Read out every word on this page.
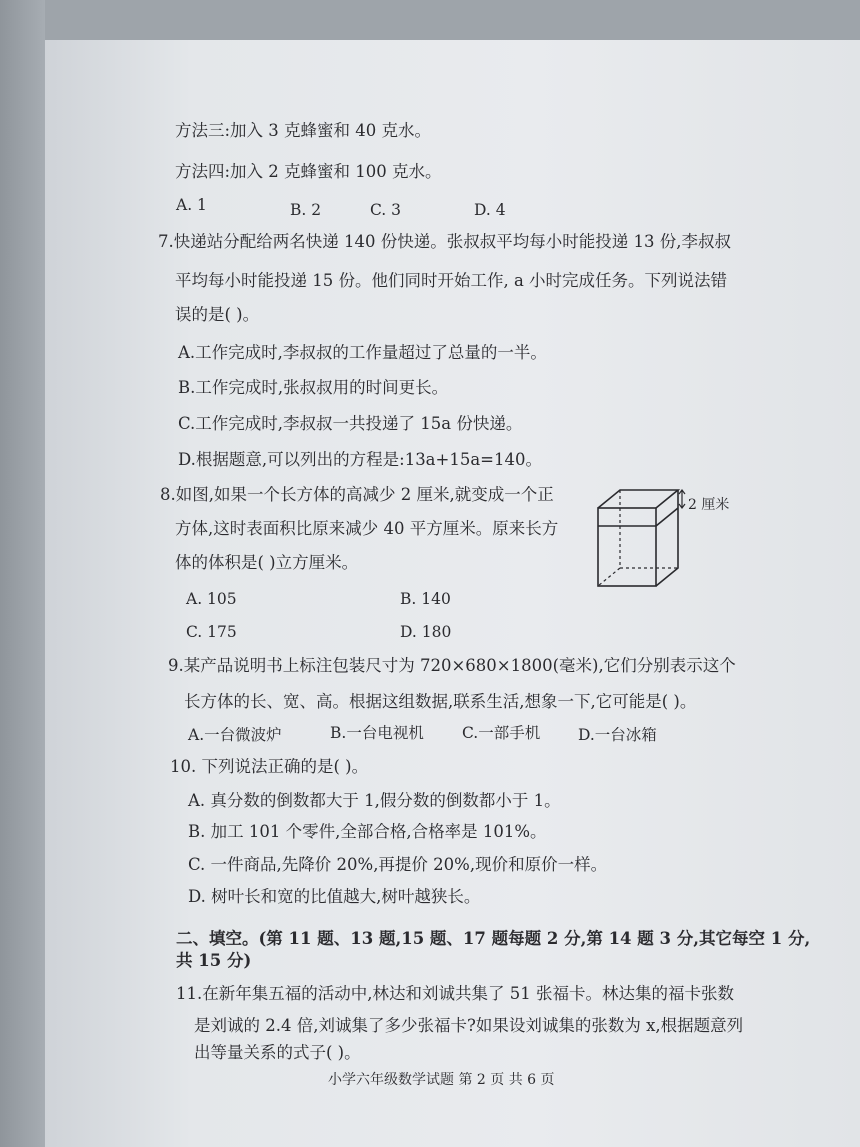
方法三:加入 3 克蜂蜜和 40 克水。
方法四:加入 2 克蜂蜜和 100 克水。
A. 1	B. 2	C. 3	D. 4
7.快递站分配给两名快递 140 份快递。张叔叔平均每小时能投递 13 份,李叔叔
平均每小时能投递 15 份。他们同时开始工作, a 小时完成任务。下列说法错
误的是( )。
A.工作完成时,李叔叔的工作量超过了总量的一半。
B.工作完成时,张叔叔用的时间更长。
C.工作完成时,李叔叔一共投递了 15a 份快递。
D.根据题意,可以列出的方程是:13a+15a=140。
8.如图,如果一个长方体的高减少 2 厘米,就变成一个正
方体,这时表面积比原来减少 40 平方厘米。原来长方
体的体积是( )立方厘米。
A. 105	B. 140
C. 175	D. 180
2 厘米
9.某产品说明书上标注包装尺寸为 720×680×1800(毫米),它们分别表示这个
长方体的长、宽、高。根据这组数据,联系生活,想象一下,它可能是( )。
A.一台微波炉	B.一台电视机 C.一部手机 D.一台冰箱
10. 下列说法正确的是( )。
A. 真分数的倒数都大于 1,假分数的倒数都小于 1。
B. 加工 101 个零件,全部合格,合格率是 101%。
C. 一件商品,先降价 20%,再提价 20%,现价和原价一样。
D. 树叶长和宽的比值越大,树叶越狭长。
二、填空。(第 11 题、13 题,15 题、17 题每题 2 分,第 14 题 3 分,其它每空 1 分,
共 15 分)
11.在新年集五福的活动中,林达和刘诚共集了 51 张福卡。林达集的福卡张数
是刘诚的 2.4 倍,刘诚集了多少张福卡?如果设刘诚集的张数为 x,根据题意列
出等量关系的式子( )。
小学六年级数学试题 第 2 页 共 6 页
